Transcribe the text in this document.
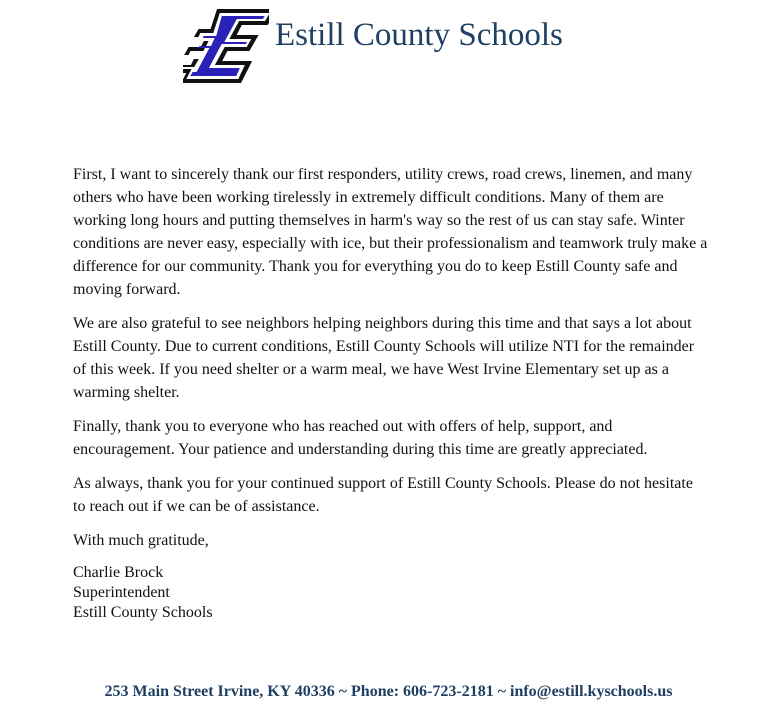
Estill County Schools

First, I want to sincerely thank our first responders, utility crews, road crews, linemen, and many others who have been working tirelessly in extremely difficult conditions. Many of them are working long hours and putting themselves in harm's way so the rest of us can stay safe. Winter conditions are never easy, especially with ice, but their professionalism and teamwork truly make a difference for our community. Thank you for everything you do to keep Estill County safe and moving forward.

We are also grateful to see neighbors helping neighbors during this time and that says a lot about Estill County. Due to current conditions, Estill County Schools will utilize NTI for the remainder of this week. If you need shelter or a warm meal, we have West Irvine Elementary set up as a warming shelter.

Finally, thank you to everyone who has reached out with offers of help, support, and encouragement. Your patience and understanding during this time are greatly appreciated.

As always, thank you for your continued support of Estill County Schools. Please do not hesitate to reach out if we can be of assistance.

With much gratitude,

Charlie Brock
Superintendent
Estill County Schools
253 Main Street Irvine, KY 40336 ~ Phone: 606-723-2181 ~ info@estill.kyschools.us
